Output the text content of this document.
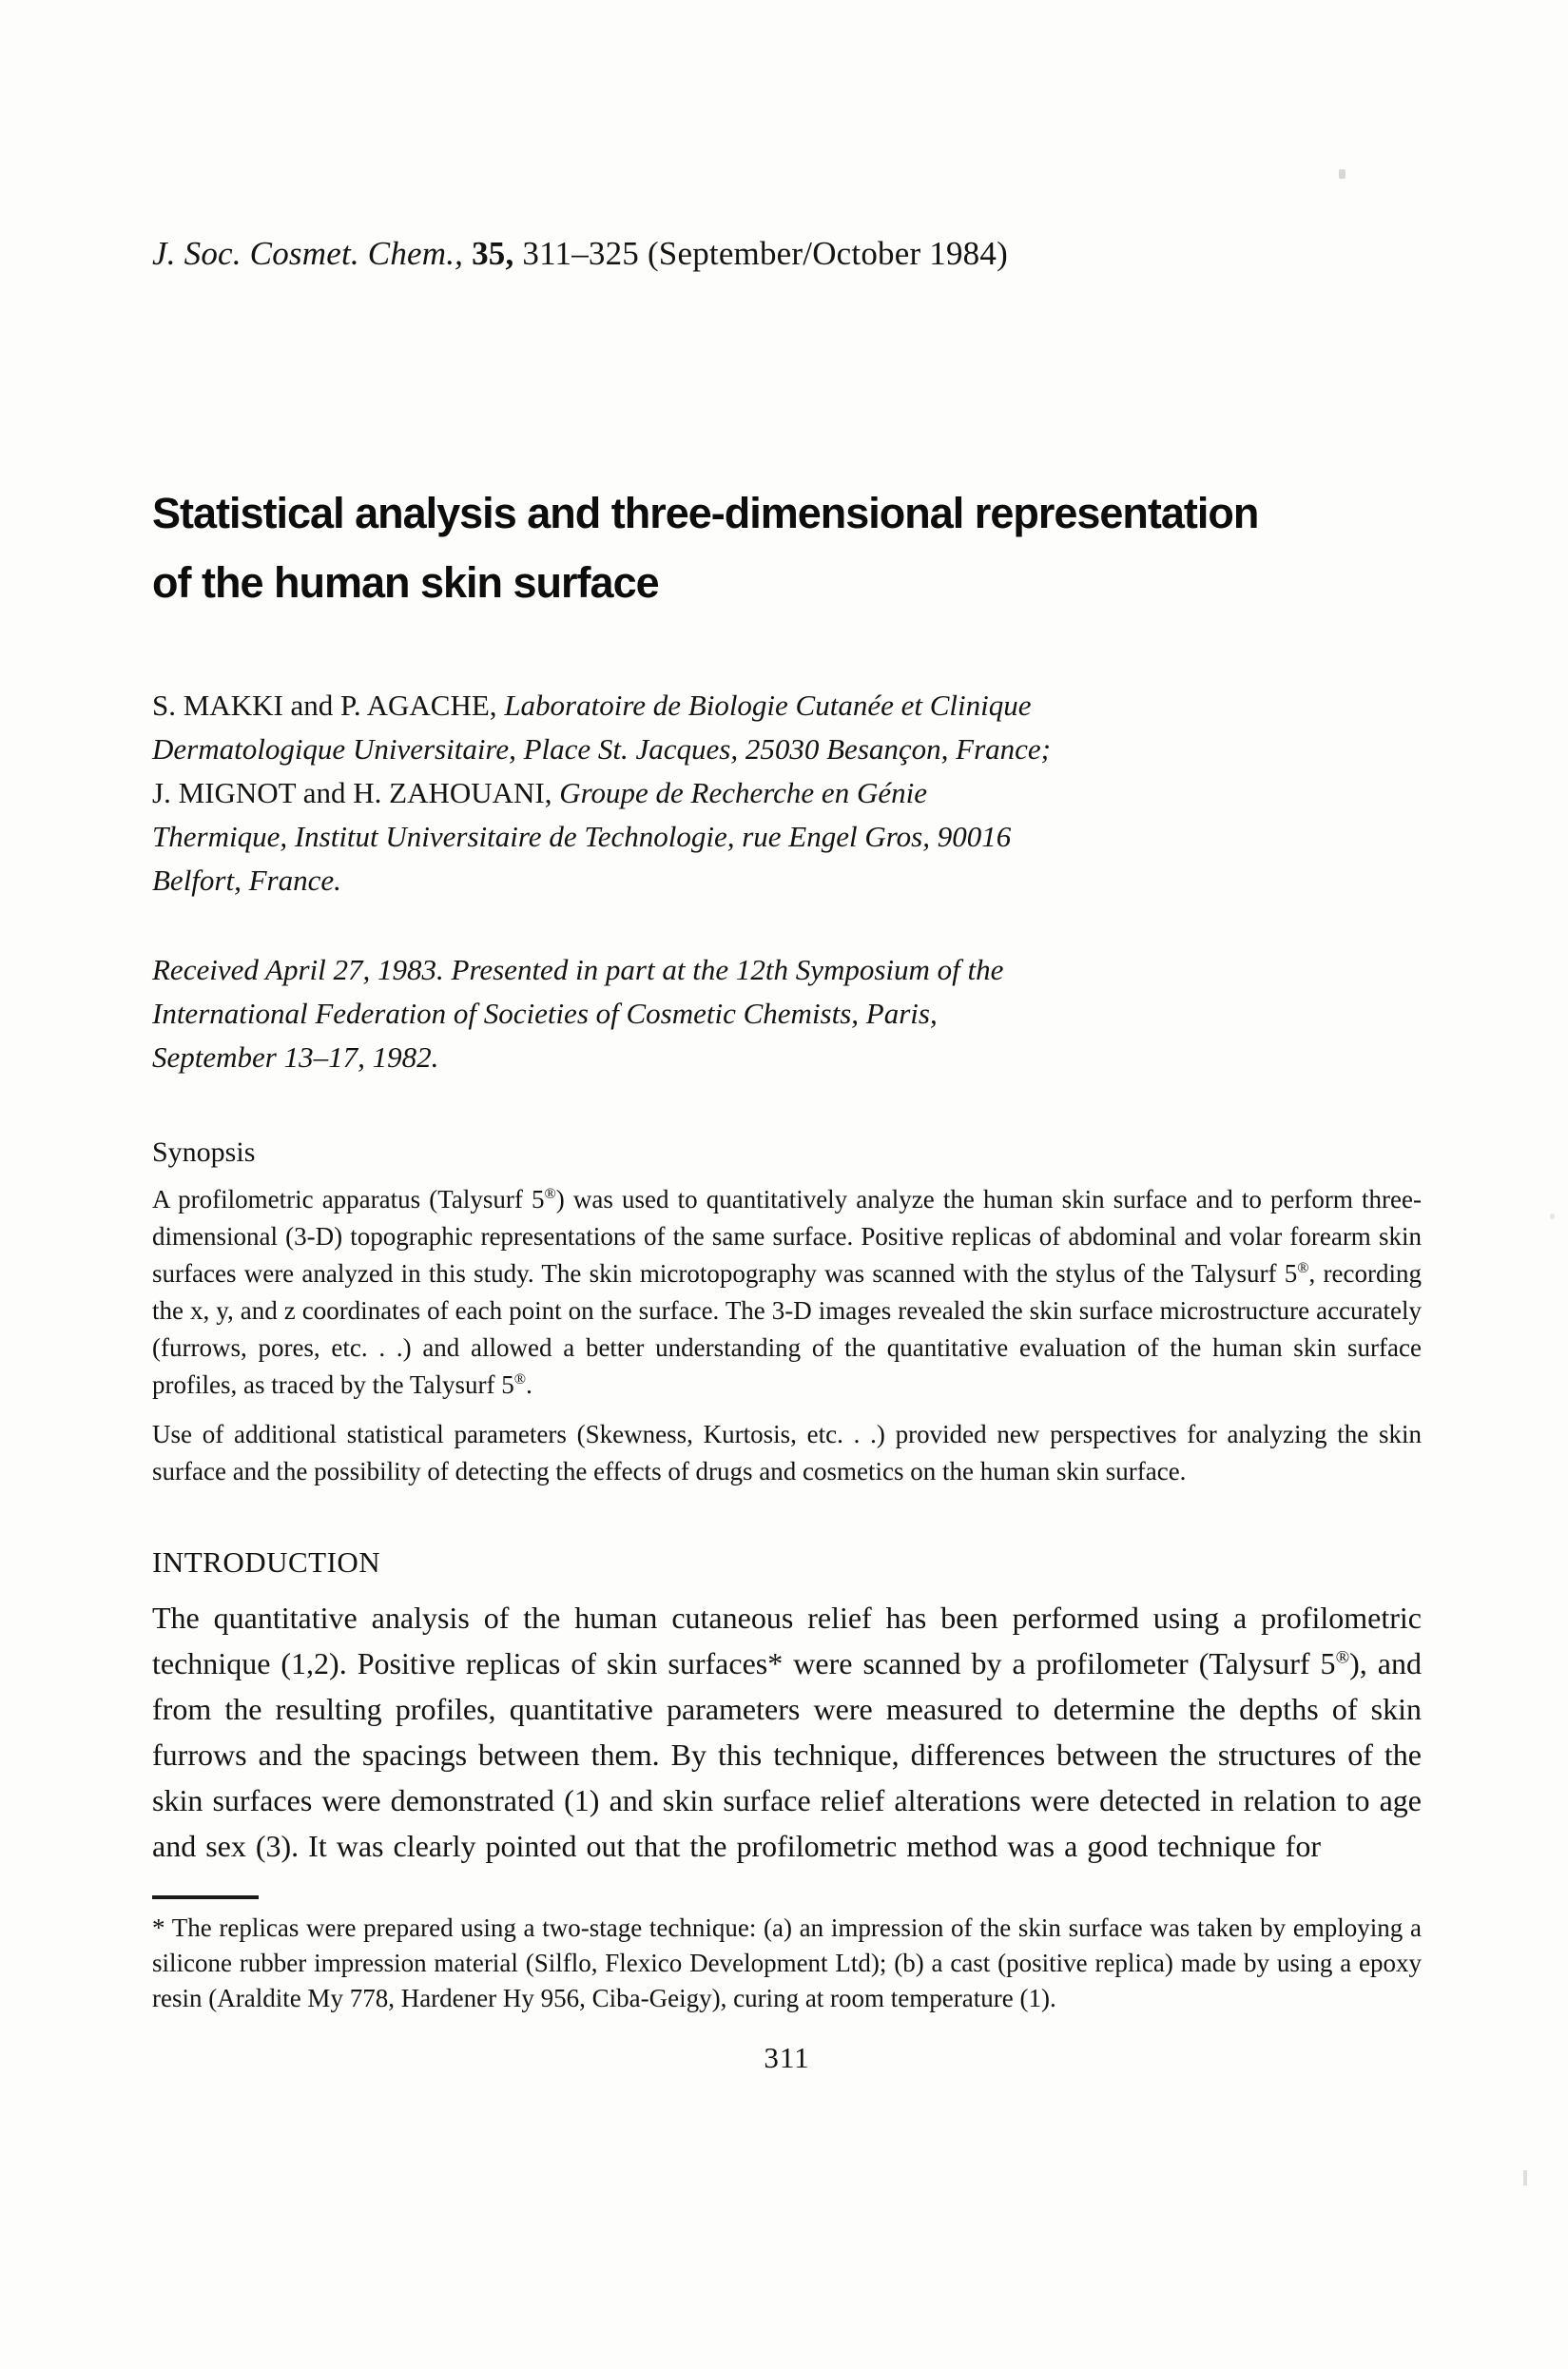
J. Soc. Cosmet. Chem., 35, 311–325 (September/October 1984)

Statistical analysis and three-dimensional representation
of the human skin surface

S. MAKKI and P. AGACHE, Laboratoire de Biologie Cutanée et Clinique Dermatologique Universitaire, Place St. Jacques, 25030 Besançon, France; J. MIGNOT and H. ZAHOUANI, Groupe de Recherche en Génie Thermique, Institut Universitaire de Technologie, rue Engel Gros, 90016 Belfort, France.

Received April 27, 1983. Presented in part at the 12th Symposium of the International Federation of Societies of Cosmetic Chemists, Paris, September 13–17, 1982.

Synopsis

A profilometric apparatus (Talysurf 5®) was used to quantitatively analyze the human skin surface and to perform three-dimensional (3-D) topographic representations of the same surface. Positive replicas of abdominal and volar forearm skin surfaces were analyzed in this study. The skin microtopography was scanned with the stylus of the Talysurf 5®, recording the x, y, and z coordinates of each point on the surface. The 3-D images revealed the skin surface microstructure accurately (furrows, pores, etc. . .) and allowed a better understanding of the quantitative evaluation of the human skin surface profiles, as traced by the Talysurf 5®.

Use of additional statistical parameters (Skewness, Kurtosis, etc. . .) provided new perspectives for analyzing the skin surface and the possibility of detecting the effects of drugs and cosmetics on the human skin surface.

INTRODUCTION

The quantitative analysis of the human cutaneous relief has been performed using a profilometric technique (1,2). Positive replicas of skin surfaces* were scanned by a profilometer (Talysurf 5®), and from the resulting profiles, quantitative parameters were measured to determine the depths of skin furrows and the spacings between them. By this technique, differences between the structures of the skin surfaces were demonstrated (1) and skin surface relief alterations were detected in relation to age and sex (3). It was clearly pointed out that the profilometric method was a good technique for

* The replicas were prepared using a two-stage technique: (a) an impression of the skin surface was taken by employing a silicone rubber impression material (Silflo, Flexico Development Ltd); (b) a cast (positive replica) made by using a epoxy resin (Araldite My 778, Hardener Hy 956, Ciba-Geigy), curing at room temperature (1).

311
